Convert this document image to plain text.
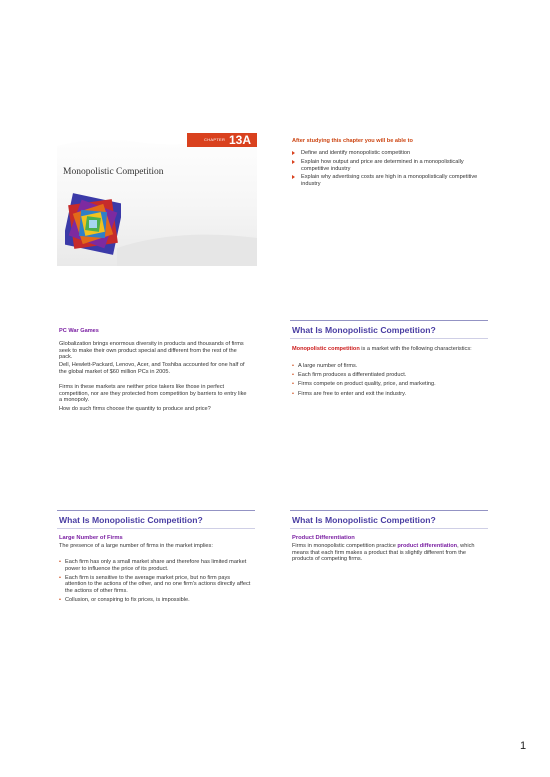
CHAPTER 13A
Monopolistic Competition
After studying this chapter you will be able to
Define and identify monopolistic competition
Explain how output and price are determined in a monopolistically competitive industry
Explain why advertising costs are high in a monopolistically competitive industry
PC War Games
Globalization brings enormous diversity in products and thousands of firms seek to make their own product special and different from the rest of the pack.
Dell, Hewlett-Packard, Lenovo, Acer, and Toshiba accounted for one half of the global market of $60 million PCs in 2005.
Firms in these markets are neither price takers like those in perfect competition, nor are they protected from competition by barriers to entry like a monopoly.
How do such firms choose the quantity to produce and price?
What Is Monopolistic Competition?
Monopolistic competition is a market with the following characteristics:
• A large number of firms.
• Each firm produces a differentiated product.
• Firms compete on product quality, price, and marketing.
• Firms are free to enter and exit the industry.
What Is Monopolistic Competition?
Large Number of Firms
The presence of a large number of firms in the market implies:
• Each firm has only a small market share and therefore has limited market power to influence the price of its product.
• Each firm is sensitive to the average market price, but no firm pays attention to the actions of the other, and no one firm's actions directly affect the actions of other firms.
• Collusion, or conspiring to fix prices, is impossible.
What Is Monopolistic Competition?
Product Differentiation
Firms in monopolistic competition practice product differentiation, which means that each firm makes a product that is slightly different from the products of competing firms.
1
